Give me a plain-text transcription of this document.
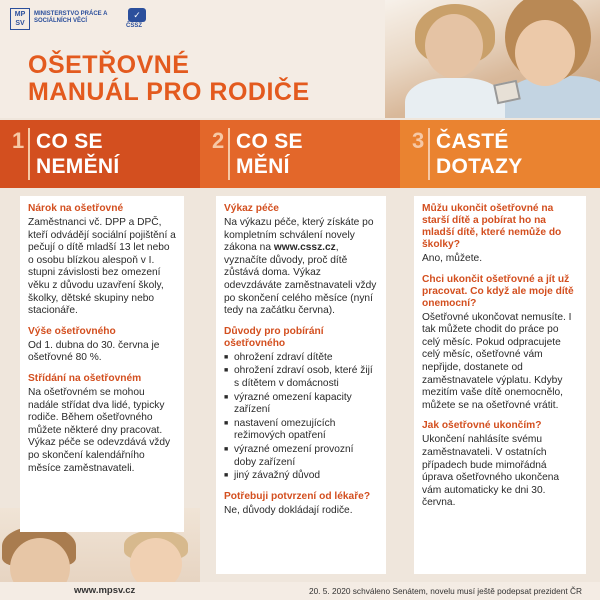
MP
SV
MINISTERSTVO PRÁCE A SOCIÁLNÍCH VĚCÍ
✓
ČSSZ
OŠETŘOVNÉ
MANUÁL PRO RODIČE
1 CO SE
NEMĚNÍ
2 CO SE
MĚNÍ
3 ČASTÉ
DOTAZY
Nárok na ošetřovné
Zaměstnanci vč. DPP a DPČ, kteří odvádějí sociální pojištění a pečují o dítě mladší 13 let nebo o osobu blízkou alespoň v I. stupni závislosti bez omezení věku z důvodu uzavření školy, školky, dětské skupiny nebo stacionáře.
Výše ošetřovného
Od 1. dubna do 30. června je ošetřovné 80 %.
Střídání na ošetřovném
Na ošetřovném se mohou nadále střídat dva lidé, typicky rodiče. Během ošetřovného můžete některé dny pracovat. Výkaz péče se odevzdává vždy po skončení kalendářního měsíce zaměstnavateli.
Výkaz péče
Na výkazu péče, který získáte po kompletním schválení novely zákona na www.cssz.cz, vyznačíte důvody, proč dítě zůstává doma. Výkaz odevzdáváte zaměstnavateli vždy po skončení celého měsíce (nyní tedy na začátku června).
Důvody pro pobírání ošetřovného
■ ohrožení zdraví dítěte
■ ohrožení zdraví osob, které žijí s dítětem v domácnosti
■ výrazné omezení kapacity zařízení
■ nastavení omezujících režimových opatření
■ výrazné omezení provozní doby zařízení
■ jiný závažný důvod
Potřebuji potvrzení od lékaře?
Ne, důvody dokládají rodiče.
Můžu ukončit ošetřovné na starší dítě a pobírat ho na mladší dítě, které nemůže do školky?
Ano, můžete.
Chci ukončit ošetřovné a jít už pracovat. Co když ale moje dítě onemocní?
Ošetřovné ukončovat nemusíte. I tak můžete chodit do práce po celý měsíc. Pokud odpracujete celý měsíc, ošetřovné vám nepřijde, dostanete od zaměstnavatele výplatu. Kdyby mezitím vaše dítě onemocnělo, můžete se na ošetřovné vrátit.
Jak ošetřovné ukončím?
Ukončení nahlásíte svému zaměstnavateli. V ostatních případech bude mimořádná úprava ošetřovného ukončena vám automaticky ke dni 30. června.
www.mpsv.cz	20. 5. 2020 schváleno Senátem, novelu musí ještě podepsat prezident ČR
